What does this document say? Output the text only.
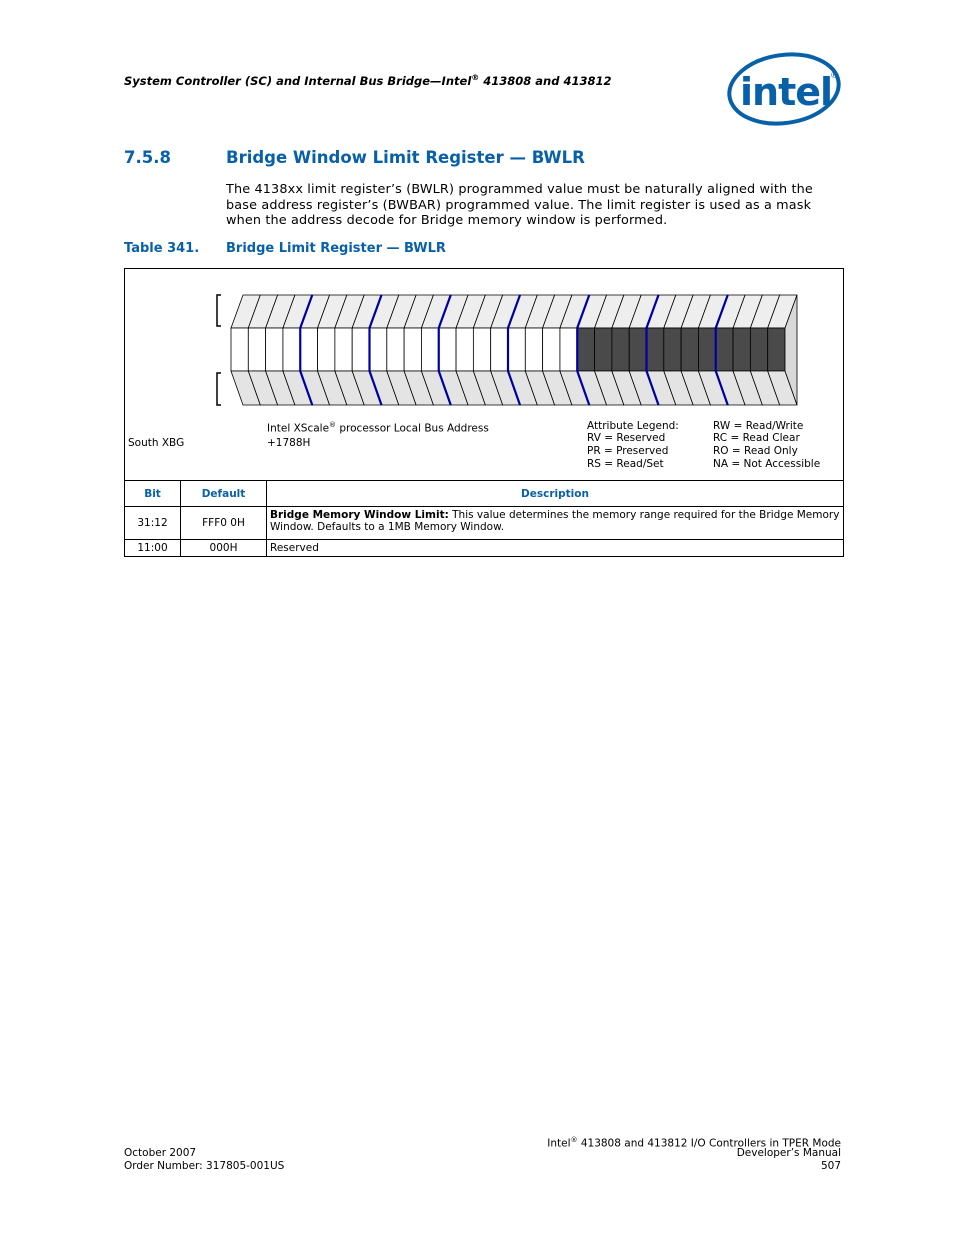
System Controller (SC) and Internal Bus Bridge—Intel® 413808 and 413812	intel
®
7.5.8	Bridge Window Limit Register — BWLR
The 4138xx limit register’s (BWLR) programmed value must be naturally aligned with the base address register’s (BWBAR) programmed value. The limit register is used as a mask when the address decode for Bridge memory window is performed.
Table 341. Bridge Limit Register — BWLR
South XBG
Intel XScale® processor Local Bus Address
+1788H
Attribute Legend:
RV = Reserved
PR = Preserved
RS = Read/Set
RW = Read/Write
RC = Read Clear
RO = Read Only
NA = Not Accessible
Bit	Default	Description
31:12	FFF0 0H	Bridge Memory Window Limit: This value determines the memory range required for the Bridge Memory Window. Defaults to a 1MB Memory Window.
11:00	000H	Reserved
October 2007
Order Number: 317805-001US
Intel® 413808 and 413812 I/O Controllers in TPER Mode
Developer’s Manual
507
